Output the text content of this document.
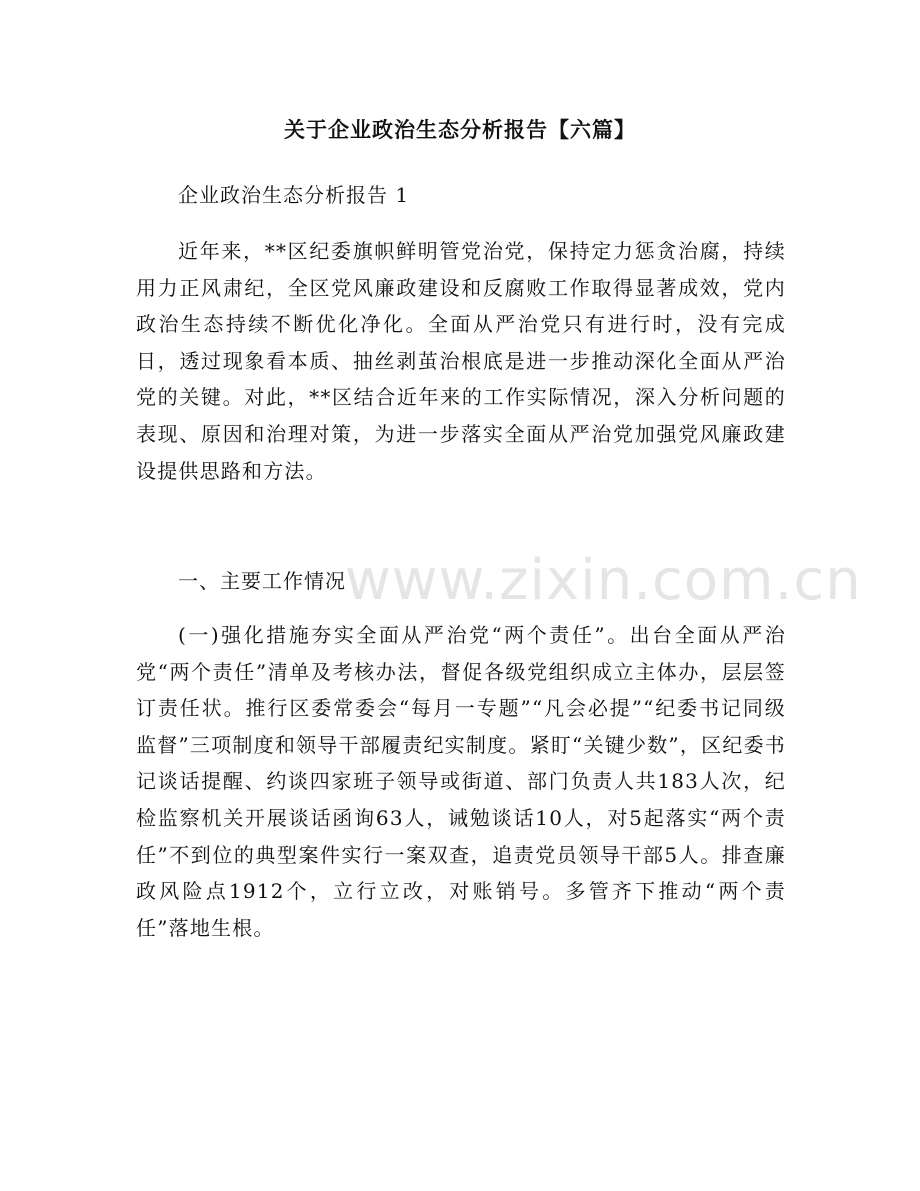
关于企业政治生态分析报告【六篇】
企业政治生态分析报告 1
近年来，**区纪委旗帜鲜明管党治党，保持定力惩贪治腐，持续用力正风肃纪，全区党风廉政建设和反腐败工作取得显著成效，党内政治生态持续不断优化净化。全面从严治党只有进行时，没有完成日，透过现象看本质、抽丝剥茧治根底是进一步推动深化全面从严治党的关键。对此，**区结合近年来的工作实际情况，深入分析问题的表现、原因和治理对策，为进一步落实全面从严治党加强党风廉政建设提供思路和方法。
一、主要工作情况
(一)强化措施夯实全面从严治党“两个责任”。出台全面从严治党“两个责任”清单及考核办法，督促各级党组织成立主体办，层层签订责任状。推行区委常委会“每月一专题”“凡会必提”“纪委书记同级监督”三项制度和领导干部履责纪实制度。紧盯“关键少数”，区纪委书记谈话提醒、约谈四家班子领导或街道、部门负责人共183人次，纪检监察机关开展谈话函询63人，诫勉谈话10人，对5起落实“两个责任”不到位的典型案件实行一案双查，追责党员领导干部5人。排查廉政风险点1912个，立行立改，对账销号。多管齐下推动“两个责任”落地生根。
www.zixin.com.cn
